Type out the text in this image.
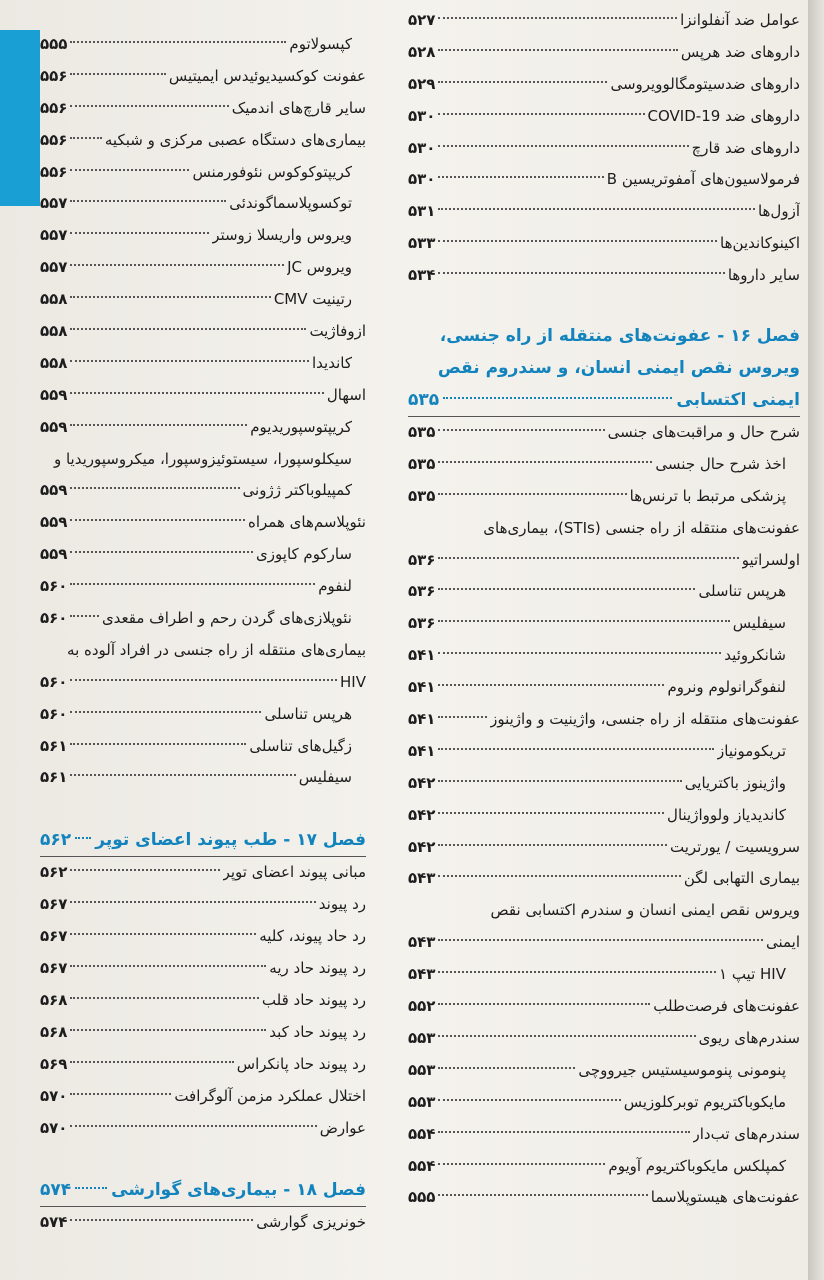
عوامل ضد آنفلوانزا
۵۲۷
داروهای ضد هرپس
۵۲۸
داروهای ضدسیتومگالوویروسی
۵۲۹
داروهای ضد COVID-19
۵۳۰
داروهای ضد قارچ
۵۳۰
فرمولاسیون‌های آمفوتریسین B
۵۳۰
آزول‌ها
۵۳۱
اکینوکاندین‌ها
۵۳۳
سایر داروها
۵۳۴
فصل ۱۶ - عفونت‌های منتقله از راه جنسی،
ویروس نقص ایمنی انسان، و سندروم نقص
ایمنی اکتسابی
۵۳۵
شرح حال و مراقبت‌های جنسی
۵۳۵
اخذ شرح حال جنسی
۵۳۵
پزشکی مرتبط با ترنس‌ها
۵۳۵
عفونت‌های منتقله از راه جنسی (STIs)، بیماری‌های
اولسراتیو
۵۳۶
هرپس تناسلی
۵۳۶
سیفلیس
۵۳۶
شانکروئید
۵۴۱
لنفوگرانولوم ونروم
۵۴۱
عفونت‌های منتقله از راه جنسی، واژینیت و واژینوز
۵۴۱
تریکومونیاز
۵۴۱
واژینوز باکتریایی
۵۴۲
کاندیدیاز ولوواژینال
۵۴۲
سرویسیت / یورتریت
۵۴۲
بیماری التهابی لگن
۵۴۳
ویروس نقص ایمنی انسان و سندرم اکتسابی نقص
ایمنی
۵۴۳
HIV تیپ ۱
۵۴۳
عفونت‌های فرصت‌طلب
۵۵۲
سندرم‌های ریوی
۵۵۳
پنومونی پنوموسیستیس جیرووچی
۵۵۳
مایکوباکتریوم توبرکلوزیس
۵۵۳
سندرم‌های تب‌دار
۵۵۴
کمپلکس مایکوباکتریوم آویوم
۵۵۴
عفونت‌های هیستوپلاسما
۵۵۵
کپسولاتوم
۵۵۵
عفونت کوکسیدیوئیدس ایمیتیس
۵۵۶
سایر قارچ‌های اندمیک
۵۵۶
بیماری‌های دستگاه عصبی مرکزی و شبکیه
۵۵۶
کریپتوکوکوس نئوفورمنس
۵۵۶
توکسوپلاسماگوندئی
۵۵۷
ویروس واریسلا زوستر
۵۵۷
ویروس JC
۵۵۷
رتینیت CMV
۵۵۸
ازوفاژیت
۵۵۸
کاندیدا
۵۵۸
اسهال
۵۵۹
کریپتوسپوریدیوم
۵۵۹
سیکلوسپورا، سیستوئیزوسپورا، میکروسپوریدیا و
کمپیلوباکتر ژژونی
۵۵۹
نئوپلاسم‌های همراه
۵۵۹
سارکوم کاپوزی
۵۵۹
لنفوم
۵۶۰
نئوپلازی‌های گردن رحم و اطراف مقعدی
۵۶۰
بیماری‌های منتقله از راه جنسی در افراد آلوده به
HIV
۵۶۰
هرپس تناسلی
۵۶۰
زگیل‌های تناسلی
۵۶۱
سیفلیس
۵۶۱
فصل ۱۷ - طب پیوند اعضای توپر
۵۶۲
مبانی پیوند اعضای توپر
۵۶۲
رد پیوند
۵۶۷
رد حاد پیوند، کلیه
۵۶۷
رد پیوند حاد ریه
۵۶۷
رد پیوند حاد قلب
۵۶۸
رد پیوند حاد کبد
۵۶۸
رد پیوند حاد پانکراس
۵۶۹
اختلال عملکرد مزمن آلوگرافت
۵۷۰
عوارض
۵۷۰
فصل ۱۸ - بیماری‌های گوارشی
۵۷۴
خونریزی گوارشی
۵۷۴
